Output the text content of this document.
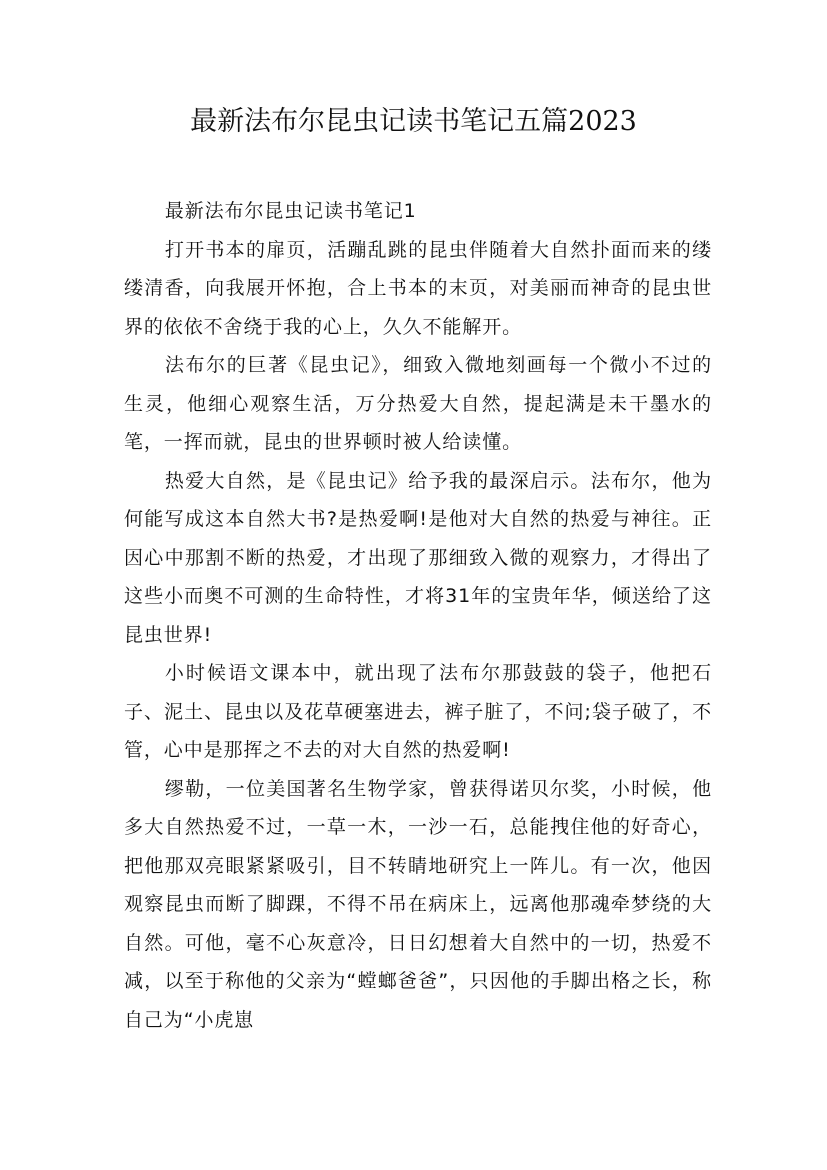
最新法布尔昆虫记读书笔记五篇2023

最新法布尔昆虫记读书笔记1

打开书本的扉页，活蹦乱跳的昆虫伴随着大自然扑面而来的缕缕清香，向我展开怀抱，合上书本的末页，对美丽而神奇的昆虫世界的依依不舍绕于我的心上，久久不能解开。

法布尔的巨著《昆虫记》，细致入微地刻画每一个微小不过的生灵，他细心观察生活，万分热爱大自然，提起满是未干墨水的笔，一挥而就，昆虫的世界顿时被人给读懂。

热爱大自然，是《昆虫记》给予我的最深启示。法布尔，他为何能写成这本自然大书?是热爱啊!是他对大自然的热爱与神往。正因心中那割不断的热爱，才出现了那细致入微的观察力，才得出了这些小而奥不可测的生命特性，才将31年的宝贵年华，倾送给了这昆虫世界!

小时候语文课本中，就出现了法布尔那鼓鼓的袋子，他把石子、泥土、昆虫以及花草硬塞进去，裤子脏了，不问;袋子破了，不管，心中是那挥之不去的对大自然的热爱啊!

缪勒，一位美国著名生物学家，曾获得诺贝尔奖，小时候，他多大自然热爱不过，一草一木，一沙一石，总能拽住他的好奇心，把他那双亮眼紧紧吸引，目不转睛地研究上一阵儿。有一次，他因观察昆虫而断了脚踝，不得不吊在病床上，远离他那魂牵梦绕的大自然。可他，毫不心灰意冷，日日幻想着大自然中的一切，热爱不减，以至于称他的父亲为“螳螂爸爸”，只因他的手脚出格之长，称自己为“小虎崽
